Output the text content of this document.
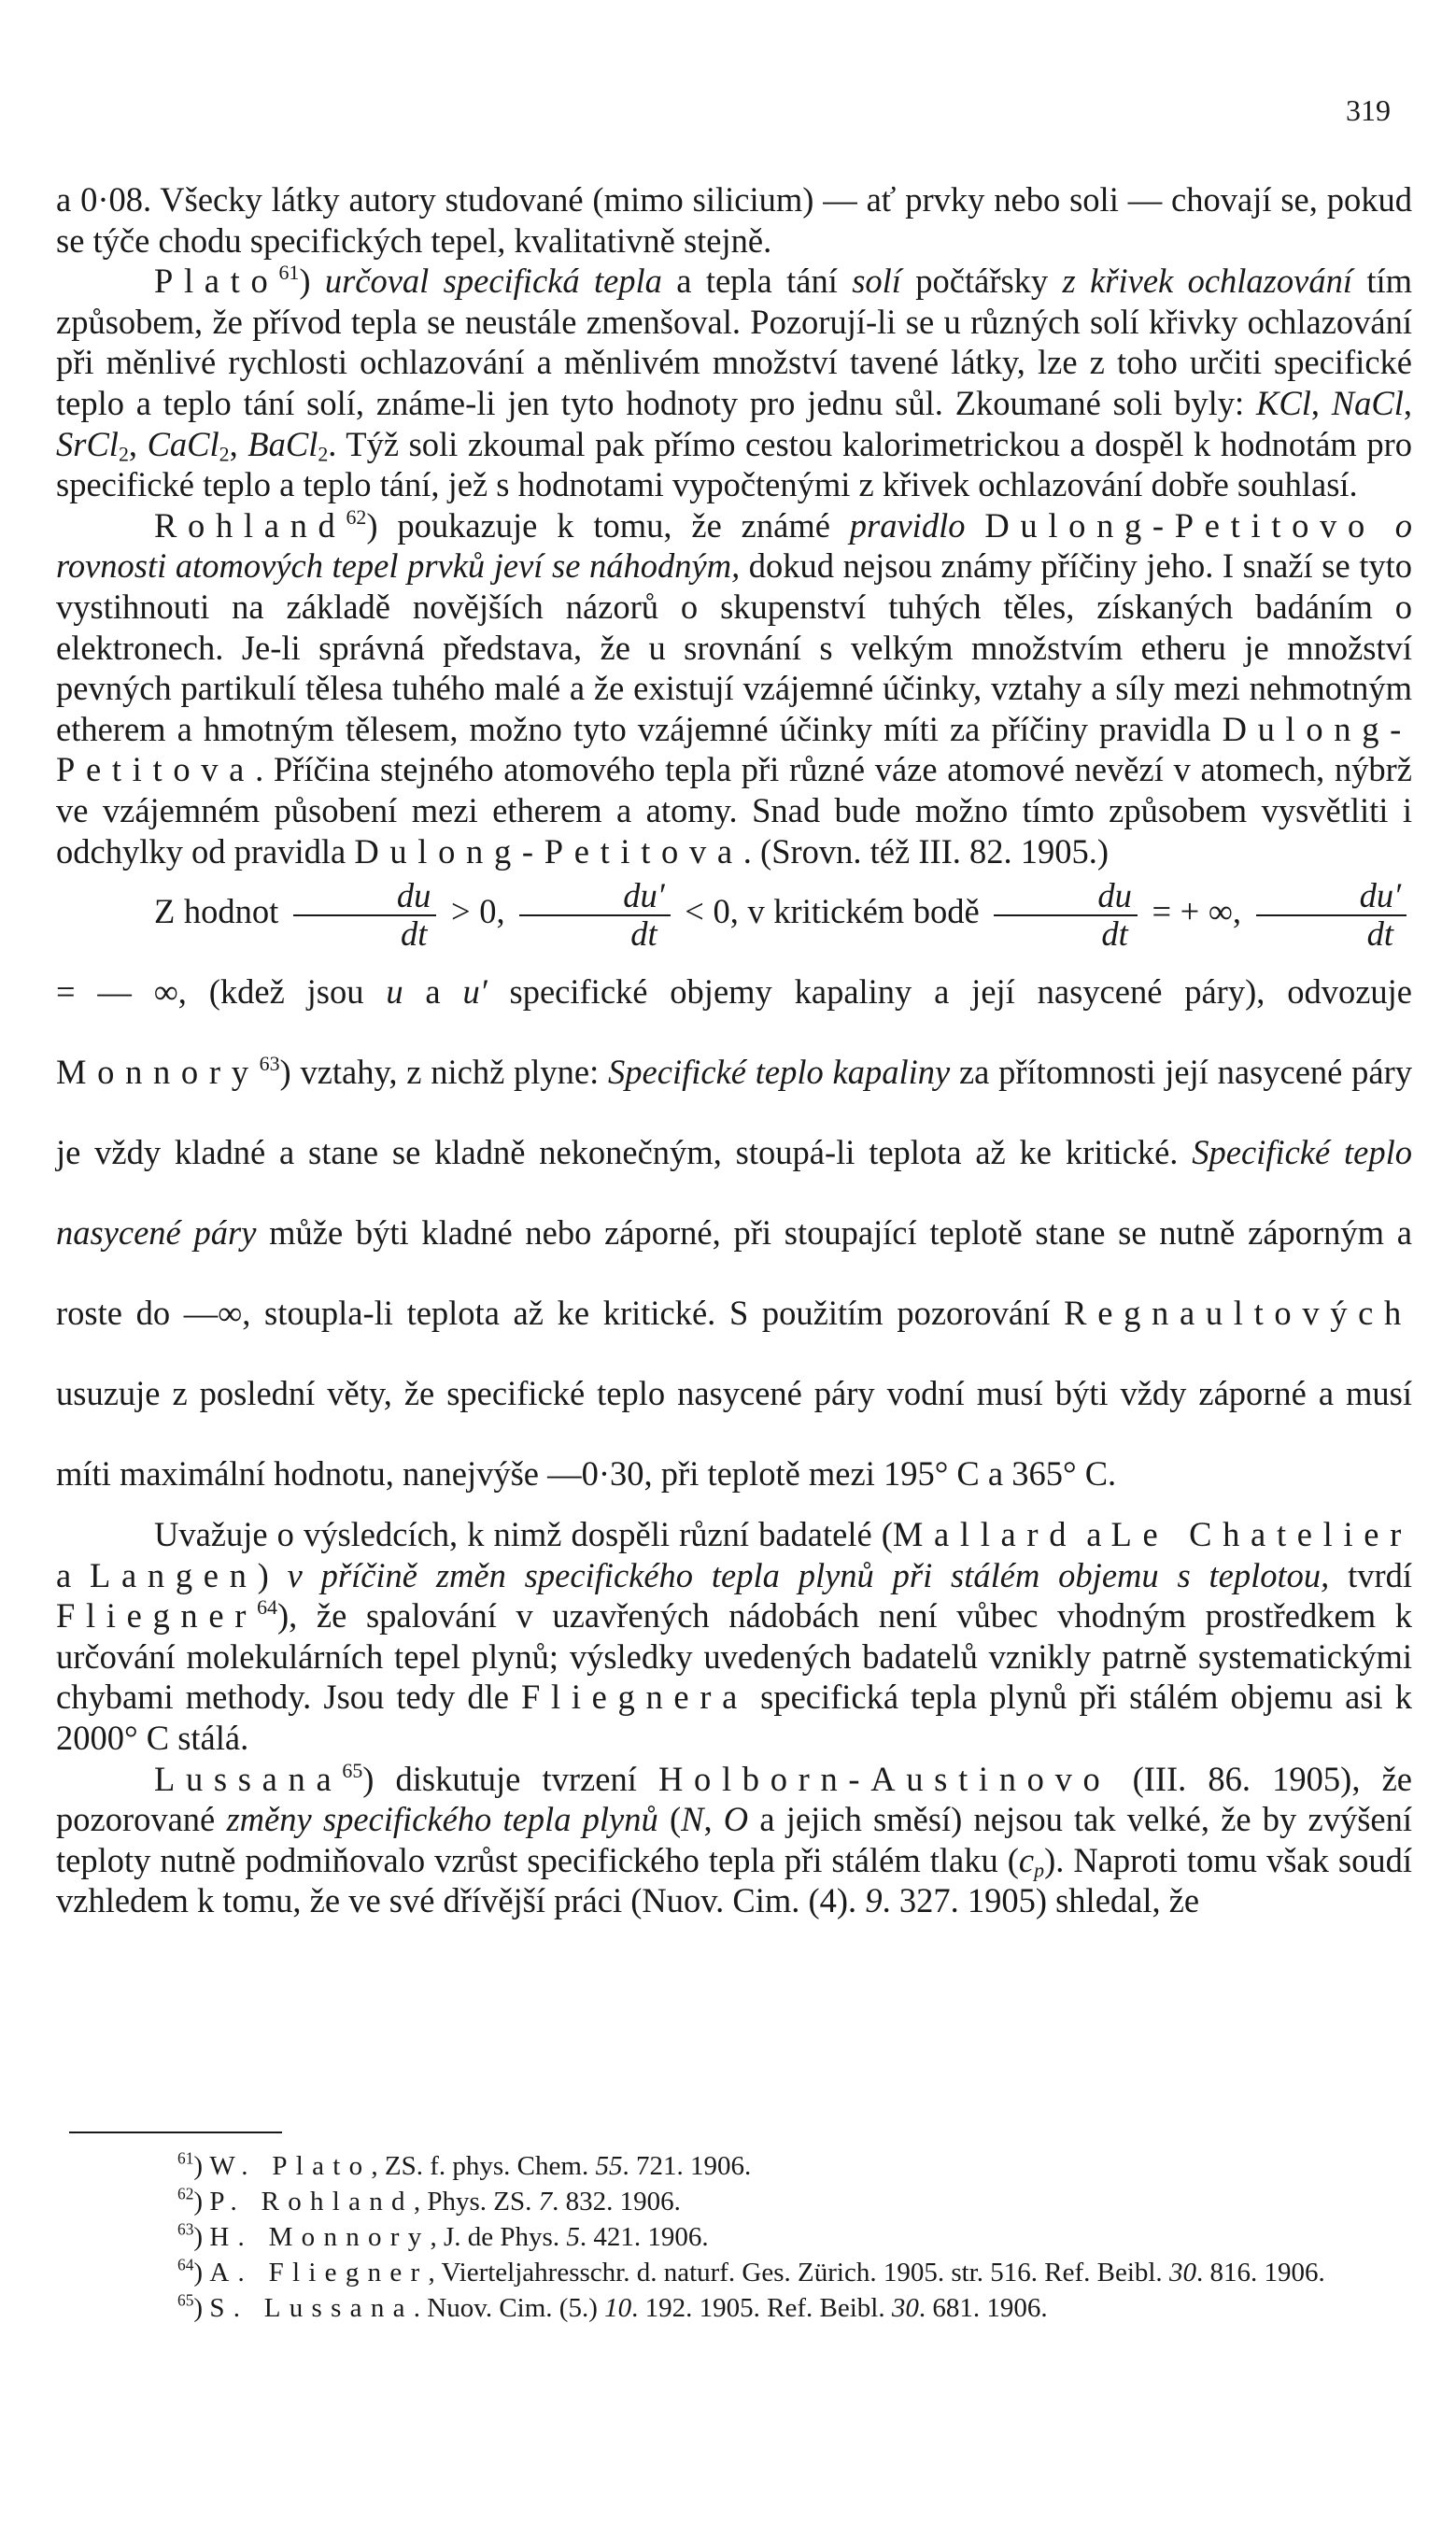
319

a 0·08. Všecky látky autory studované (mimo silicium) — ať prvky nebo soli — chovají se, pokud se týče chodu specifických tepel, kvalitativně stejně.

Plato$^{61}$) určoval specifická tepla a tepla tání solí počtářsky z křivek ochlazování tím způsobem, že přívod tepla se neustále zmenšoval. Pozorují-li se u různých solí křivky ochlazování při měnlivé rychlosti ochlazování a měnlivém množství tavené látky, lze z toho určiti specifické teplo a teplo tání solí, známe-li jen tyto hodnoty pro jednu sůl. Zkoumané soli byly: KCl, NaCl, SrCl$_2$, CaCl$_2$, BaCl$_2$. Týž soli zkoumal pak přímo cestou kalorimetrickou a dospěl k hodnotám pro specifické teplo a teplo tání, jež s hodnotami vypočtenými z křivek ochlazování dobře souhlasí.

Rohland$^{62}$) poukazuje k tomu, že známé pravidlo Dulong-Petitovo o rovnosti atomových tepel prvků jeví se náhodným, dokud nejsou známy příčiny jeho. I snaží se tyto vystihnouti na základě novějších názorů o skupenství tuhých těles, získaných badáním o elektronech. Je-li správná představa, že u srovnání s velkým množstvím etheru je množství pevných partikulí tělesa tuhého malé a že existují vzájemné účinky, vztahy a síly mezi nehmotným etherem a hmotným tělesem, možno tyto vzájemné účinky míti za příčiny pravidla Dulong-Petitova. Příčina stejného atomového tepla při různé váze atomové nevězí v atomech, nýbrž ve vzájemném působení mezi etherem a atomy. Snad bude možno tímto způsobem vysvětliti i odchylky od pravidla Dulong-Petitova. (Srovn. též III. 82. 1905.)

Z hodnot $\frac{du}{dt} > 0$, $\frac{du'}{dt} < 0$, v kritickém bodě $\frac{du}{dt}$ = + ∞, $\frac{du'}{dt}$
= — ∞, (kdež jsou u a u′ specifické objemy kapaliny a její nasycené páry), odvozuje Monnory$^{63}$) vztahy, z nichž plyne: Specifické teplo kapaliny za přítomnosti její nasycené páry je vždy kladné a stane se kladně nekonečným, stoupá-li teplota až ke kritické. Specifické teplo nasycené páry může býti kladné nebo záporné, při stoupající teplotě stane se nutně záporným a roste do —∞, stoupla-li teplota až ke kritické. S použitím pozorování Regnaultových usuzuje z poslední věty, že specifické teplo nasycené páry vodní musí býti vždy záporné a musí míti maximální hodnotu, nanejvýše —0·30, při teplotě mezi 195° C a 365° C.

Uvažuje o výsledcích, k nimž dospěli různí badatelé (Mallard a Le Chatelier a Langen) v příčině změn specifického tepla plynů při stálém objemu s teplotou, tvrdí Fliegner$^{64}$), že spalování v uzavřených nádobách není vůbec vhodným prostředkem k určování molekulárních tepel plynů; výsledky uvedených badatelů vznikly patrně systematickými chybami methody. Jsou tedy dle Fliegnera specifická tepla plynů při stálém objemu asi k 2000° C stálá.

Lussana$^{65}$) diskutuje tvrzení Holborn-Austinovo (III. 86. 1905), že pozorované změny specifického tepla plynů (N, O a jejich směsí) nejsou tak velké, že by zvýšení teploty nutně podmiňovalo vzrůst specifického tepla při stálém tlaku $(c_p)$. Naproti tomu však soudí vzhledem k tomu, že ve své dřívější práci (Nuov. Cim. (4). 9. 327. 1905) shledal, že

$^{61}$) W. Plato, ZS. f. phys. Chem. 55. 721. 1906.

$^{62}$) P. Rohland, Phys. ZS. 7. 832. 1906.

$^{63}$) H. Monnory, J. de Phys. 5. 421. 1906.

$^{64}$) A. Fliegner, Vierteljahresschr. d. naturf. Ges. Zürich. 1905. str. 516. Ref. Beibl. 30. 816. 1906.

$^{65}$) S. Lussana. Nuov. Cim. (5.) 10. 192. 1905. Ref. Beibl. 30. 681. 1906.
